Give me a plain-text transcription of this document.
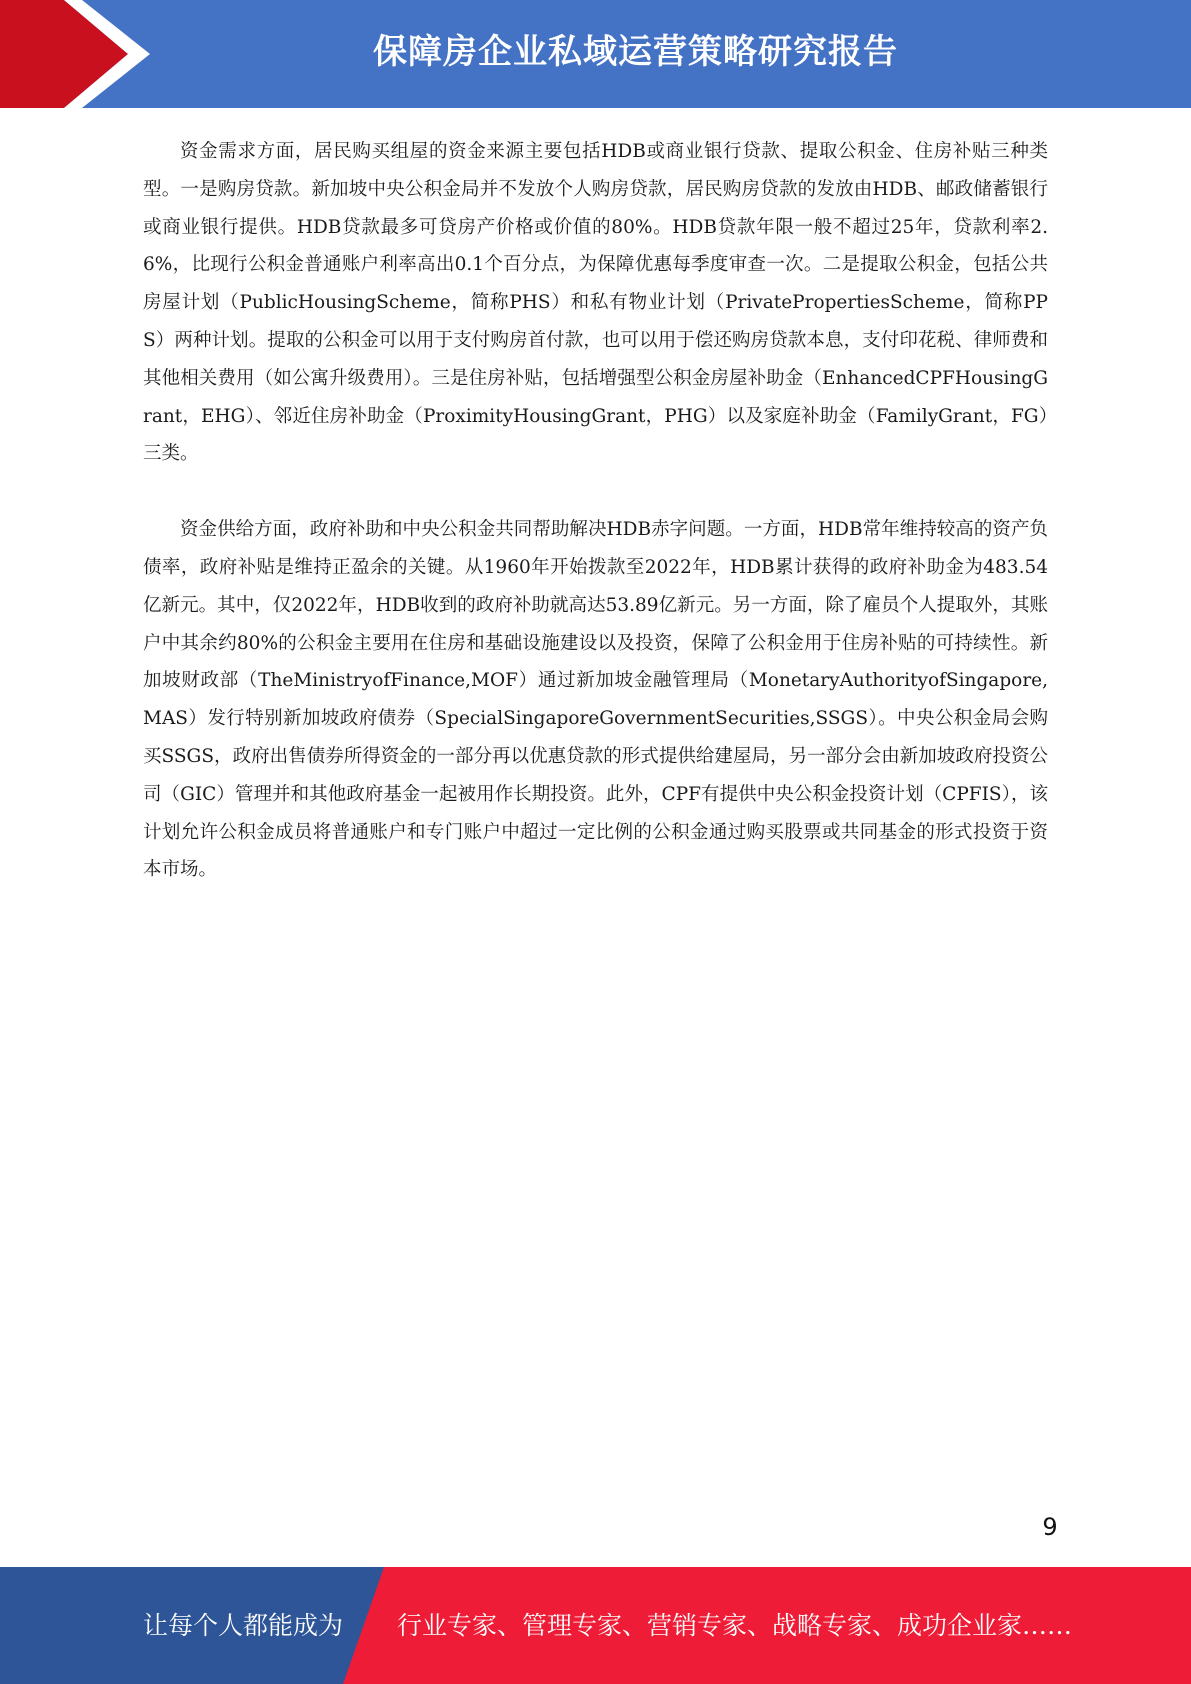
保障房企业私域运营策略研究报告

资金需求方面，居民购买组屋的资金来源主要包括HDB或商业银行贷款、提取公积金、住房补贴三种类型。一是购房贷款。新加坡中央公积金局并不发放个人购房贷款，居民购房贷款的发放由HDB、邮政储蓄银行或商业银行提供。HDB贷款最多可贷房产价格或价值的80%。HDB贷款年限一般不超过25年，贷款利率2.6%，比现行公积金普通账户利率高出0.1个百分点，为保障优惠每季度审查一次。二是提取公积金，包括公共房屋计划（PublicHousingScheme，简称PHS）和私有物业计划（PrivatePropertiesScheme，简称PPS）两种计划。提取的公积金可以用于支付购房首付款，也可以用于偿还购房贷款本息，支付印花税、律师费和其他相关费用（如公寓升级费用）。三是住房补贴，包括增强型公积金房屋补助金（EnhancedCPFHousingGrant，EHG）、邻近住房补助金（ProximityHousingGrant，PHG）以及家庭补助金（FamilyGrant，FG）三类。

资金供给方面，政府补助和中央公积金共同帮助解决HDB赤字问题。一方面，HDB常年维持较高的资产负债率，政府补贴是维持正盈余的关键。从1960年开始拨款至2022年，HDB累计获得的政府补助金为483.54亿新元。其中，仅2022年，HDB收到的政府补助就高达53.89亿新元。另一方面，除了雇员个人提取外，其账户中其余约80%的公积金主要用在住房和基础设施建设以及投资，保障了公积金用于住房补贴的可持续性。新加坡财政部（TheMinistryofFinance,MOF）通过新加坡金融管理局（MonetaryAuthorityofSingapore,MAS）发行特别新加坡政府债券（SpecialSingaporeGovernmentSecurities,SSGS）。中央公积金局会购买SSGS，政府出售债券所得资金的一部分再以优惠贷款的形式提供给建屋局，另一部分会由新加坡政府投资公司（GIC）管理并和其他政府基金一起被用作长期投资。此外，CPF有提供中央公积金投资计划（CPFIS），该计划允许公积金成员将普通账户和专门账户中超过一定比例的公积金通过购买股票或共同基金的形式投资于资本市场。

9
让每个人都能成为 行业专家、管理专家、营销专家、战略专家、成功企业家……
